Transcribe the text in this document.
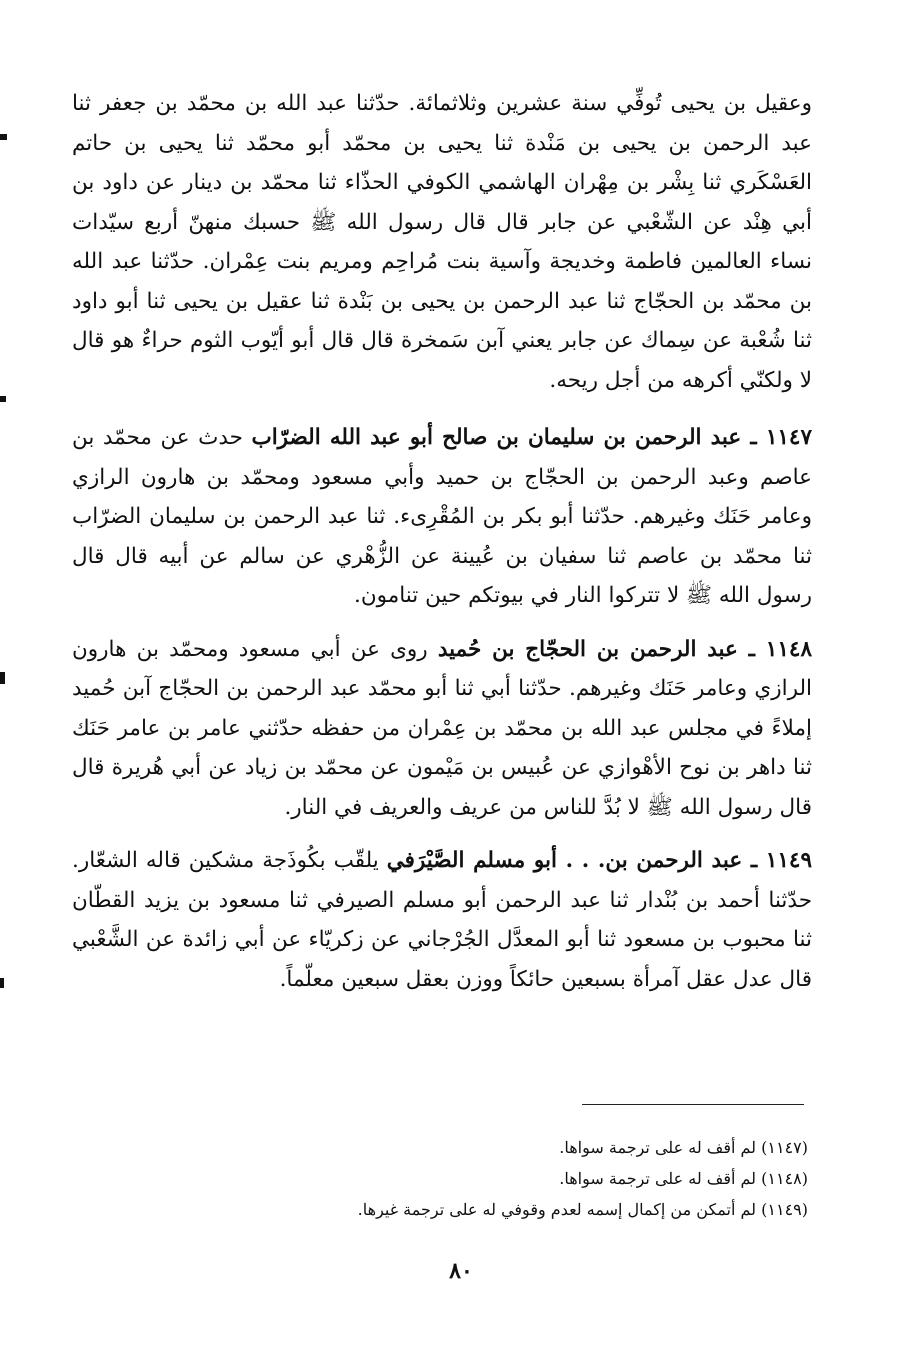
وعقيل بن يحيى تُوفِّي سنة عشرين وثلاثمائة. حدّثنا عبد الله بن محمّد بن جعفر ثنا عبد الرحمن بن يحيى بن مَنْدة ثنا يحيى بن محمّد أبو محمّد ثنا يحيى بن حاتم العَسْكَري ثنا بِشْر بن مِهْران الهاشمي الكوفي الحذّاء ثنا محمّد بن دينار عن داود بن أبي هِنْد عن الشّعْبي عن جابر قال قال رسول الله ﷺ حسبك منهنّ أربع سيّدات نساء العالمين فاطمة وخديجة وآسية بنت مُراحِم ومريم بنت عِمْران. حدّثنا عبد الله بن محمّد بن الحجّاج ثنا عبد الرحمن بن يحيى بن بَنْدة ثنا عقيل بن يحيى ثنا أبو داود ثنا شُعْبة عن سِماك عن جابر يعني آبن سَمخرة قال قال أبو أيّوب الثوم حراءٌ هو قال لا ولكنّي أكرهه من أجل ريحه.

١١٤٧ ـ عبد الرحمن بن سليمان بن صالح أبو عبد الله الضرّاب حدث عن محمّد بن عاصم وعبد الرحمن بن الحجّاج بن حميد وأبي مسعود ومحمّد بن هارون الرازي وعامر حَنَك وغيرهم. حدّثنا أبو بكر بن المُقْرِىء. ثنا عبد الرحمن بن سليمان الضرّاب ثنا محمّد بن عاصم ثنا سفيان بن عُيينة عن الزُّهْري عن سالم عن أبيه قال قال رسول الله ﷺ لا تتركوا النار في بيوتكم حين تنامون.

١١٤٨ ـ عبد الرحمن بن الحجّاج بن حُميد روى عن أبي مسعود ومحمّد بن هارون الرازي وعامر حَنَك وغيرهم. حدّثنا أبي ثنا أبو محمّد عبد الرحمن بن الحجّاج آبن حُميد إملاءً في مجلس عبد الله بن محمّد بن عِمْران من حفظه حدّثني عامر بن عامر حَنَك ثنا داهر بن نوح الأهْوازي عن عُبيس بن مَيْمون عن محمّد بن زياد عن أبي هُريرة قال قال رسول الله ﷺ لا بُدَّ للناس من عريف والعريف في النار.

١١٤٩ ـ عبد الرحمن بن. . . أبو مسلم الصَّيْرَفي يلقّب بكُوذَجة مشكين قاله الشعّار. حدّثنا أحمد بن بُنْدار ثنا عبد الرحمن أبو مسلم الصيرفي ثنا مسعود بن يزيد القطّان ثنا محبوب بن مسعود ثنا أبو المعدَّل الجُرْجاني عن زكريّاء عن أبي زائدة عن الشَّعْبي قال عدل عقل آمرأة بسبعين حائكاً ووزن بعقل سبعين معلّماً.

(١١٤٧) لم أقف له على ترجمة سواها.

(١١٤٨) لم أقف له على ترجمة سواها.

(١١٤٩) لم أتمكن من إكمال إسمه لعدم وقوفي له على ترجمة غيرها.

٨٠
